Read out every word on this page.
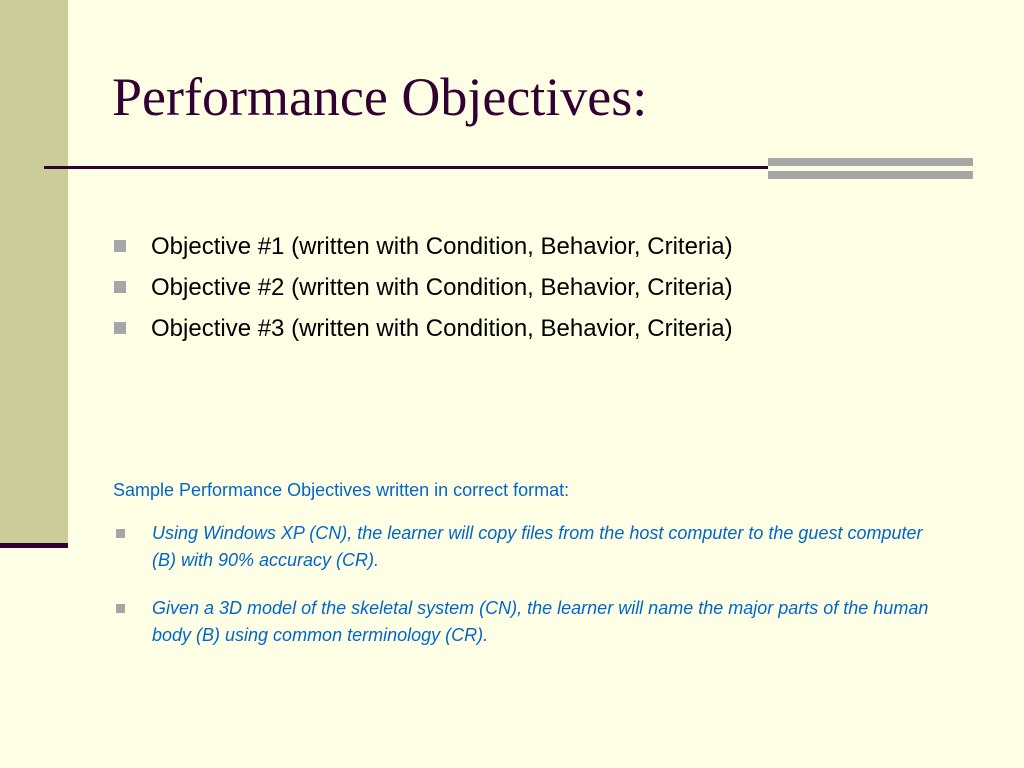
Performance Objectives:
Objective #1 (written with Condition, Behavior, Criteria)
Objective #2 (written with Condition, Behavior, Criteria)
Objective #3 (written with Condition, Behavior, Criteria)

Sample Performance Objectives written in correct format:

Using Windows XP (CN), the learner will copy files from the host computer to the guest computer (B) with 90% accuracy (CR).
Given a 3D model of the skeletal system (CN), the learner will name the major parts of the human body (B) using common terminology (CR).
